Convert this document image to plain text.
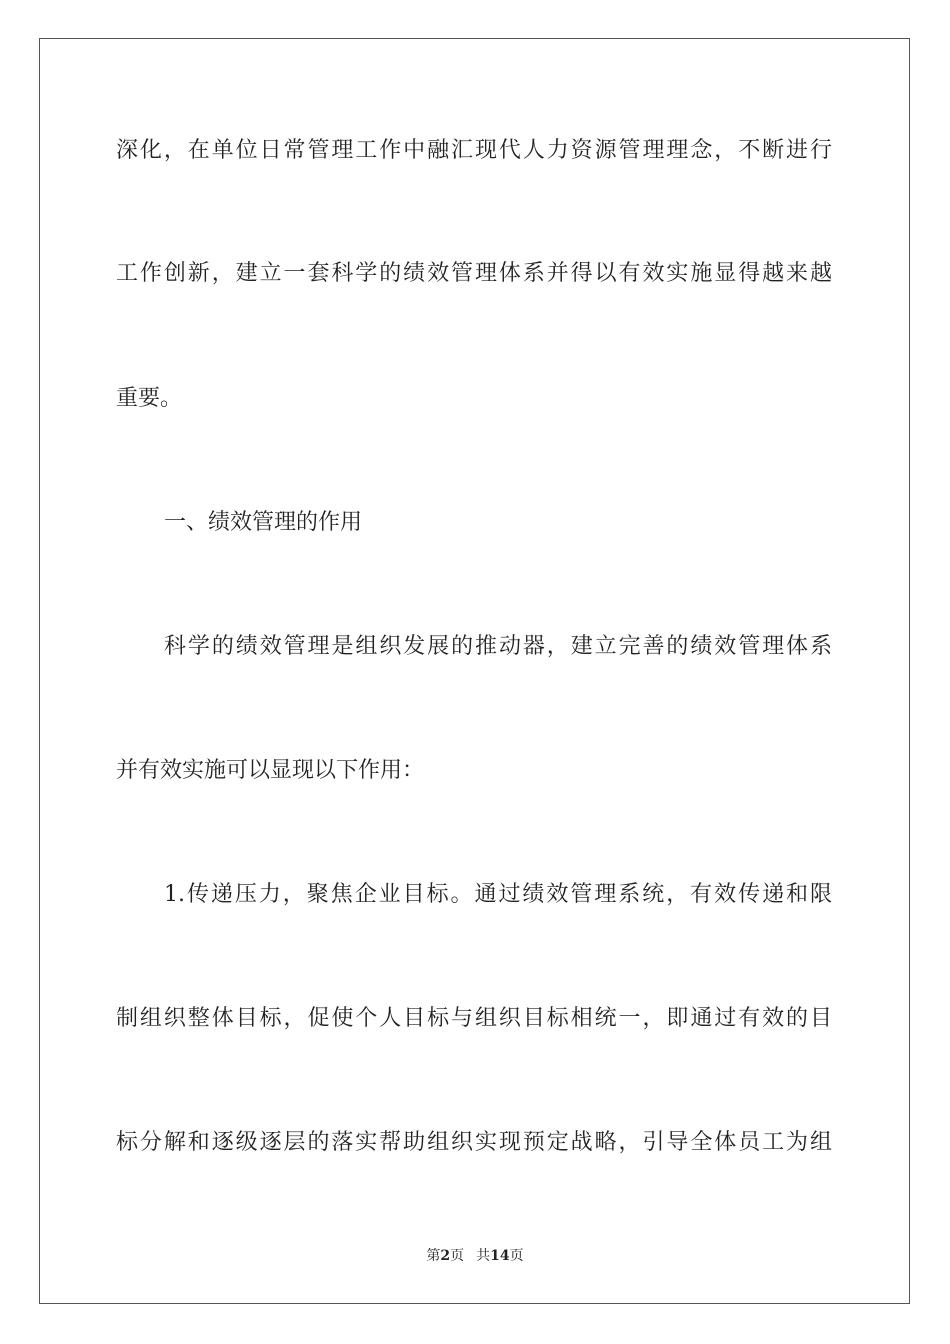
深化，在单位日常管理工作中融汇现代人力资源管理理念，不断进行
工作创新，建立一套科学的绩效管理体系并得以有效实施显得越来越
重要。
一、绩效管理的作用
科学的绩效管理是组织发展的推动器，建立完善的绩效管理体系
并有效实施可以显现以下作用：
1.传递压力，聚焦企业目标。通过绩效管理系统，有效传递和限
制组织整体目标，促使个人目标与组织目标相统一，即通过有效的目
标分解和逐级逐层的落实帮助组织实现预定战略，引导全体员工为组
第2页 共14页
